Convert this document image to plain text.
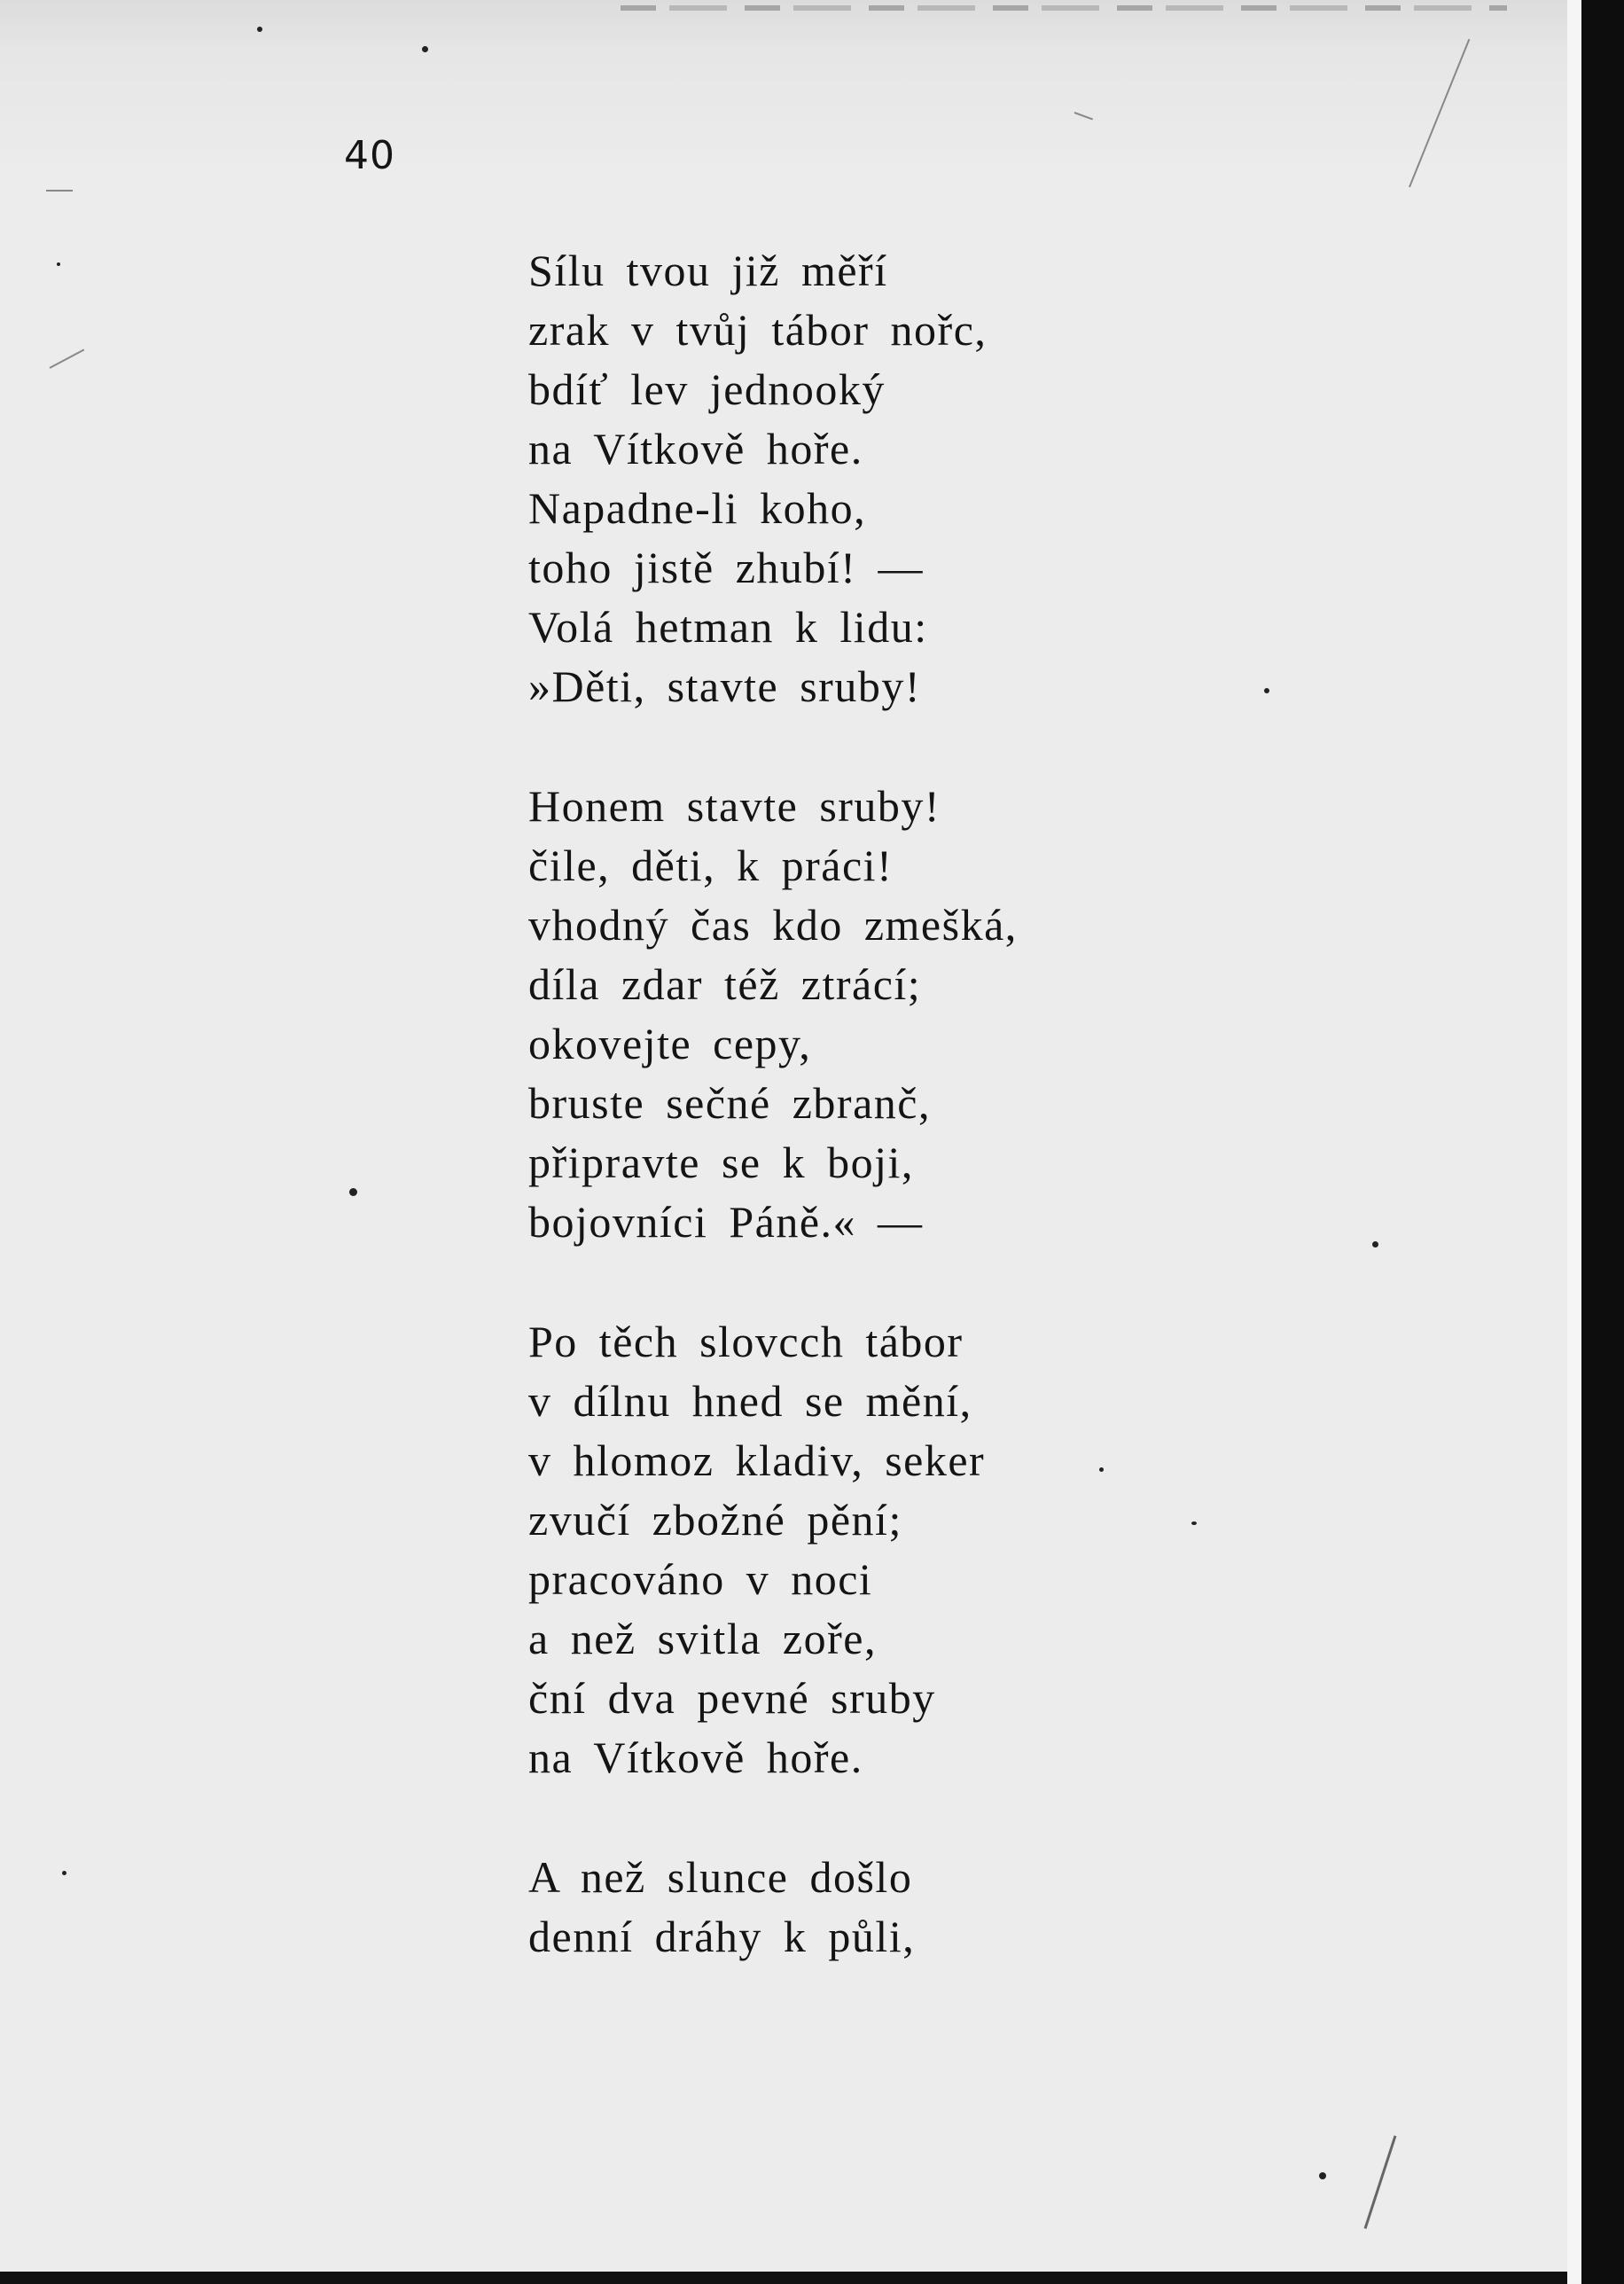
40
Sílu tvou již měří
zrak v tvůj tábor nořc,
bdíť lev jednooký
na Vítkově hoře.
Napadne-li koho,
toho jistě zhubí! —
Volá hetman k lidu:
»Děti, stavte sruby!
Honem stavte sruby!
čile, děti, k práci!
vhodný čas kdo zmešká,
díla zdar též ztrácí;
okovejte cepy,
bruste sečné zbranč,
připravte se k boji,
bojovníci Páně.« —
Po těch slovcch tábor
v dílnu hned se mění,
v hlomoz kladiv, seker
zvučí zbožné pění;
pracováno v noci
a než svitla zoře,
ční dva pevné sruby
na Vítkově hoře.
A než slunce došlo
denní dráhy k půli,
